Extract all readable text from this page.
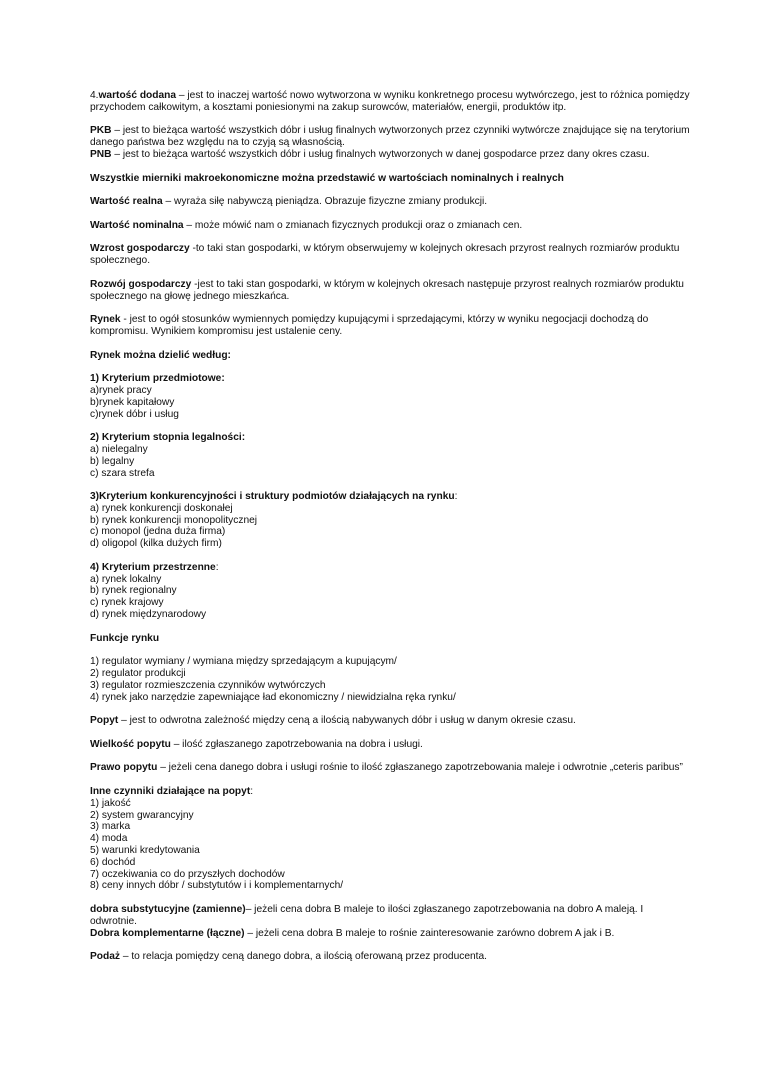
4.wartość dodana – jest to inaczej wartość nowo wytworzona w wyniku konkretnego procesu wytwórczego, jest to różnica pomiędzy przychodem całkowitym, a kosztami poniesionymi na zakup surowców, materiałów, energii, produktów itp.

PKB – jest to bieżąca wartość wszystkich dóbr i usług finalnych wytworzonych przez czynniki wytwórcze znajdujące się na terytorium danego państwa bez względu na to czyją są własnością.

PNB – jest to bieżąca wartość wszystkich dóbr i usług finalnych wytworzonych w danej gospodarce przez dany okres czasu.

Wszystkie mierniki makroekonomiczne można przedstawić w wartościach nominalnych i realnych

Wartość realna – wyraża siłę nabywczą pieniądza. Obrazuje fizyczne zmiany produkcji.

Wartość nominalna – może mówić nam o zmianach fizycznych produkcji oraz o zmianach cen.

Wzrost gospodarczy -to taki stan gospodarki, w którym obserwujemy w kolejnych okresach przyrost realnych rozmiarów produktu społecznego.

Rozwój gospodarczy -jest to taki stan gospodarki, w którym w kolejnych okresach następuje przyrost realnych rozmiarów produktu społecznego na głowę jednego mieszkańca.

Rynek - jest to ogół stosunków wymiennych pomiędzy kupującymi i sprzedającymi, którzy w wyniku negocjacji dochodzą do kompromisu. Wynikiem kompromisu jest ustalenie ceny.

Rynek można dzielić według:

1) Kryterium przedmiotowe:

a)rynek pracy

b)rynek kapitałowy

c)rynek dóbr i usług

2) Kryterium stopnia legalności:

a) nielegalny

b) legalny

c) szara strefa

3)Kryterium konkurencyjności i struktury podmiotów działających na rynku:

a) rynek konkurencji doskonałej

b) rynek konkurencji monopolitycznej

c) monopol (jedna duża firma)

d) oligopol (kilka dużych firm)

4) Kryterium przestrzenne:

a) rynek lokalny

b) rynek regionalny

c) rynek krajowy

d) rynek międzynarodowy

Funkcje rynku

1) regulator wymiany / wymiana między sprzedającym a kupującym/

2) regulator produkcji

3) regulator rozmieszczenia czynników wytwórczych

4) rynek jako narzędzie zapewniające ład ekonomiczny / niewidzialna ręka rynku/

Popyt – jest to odwrotna zależność między ceną a ilością nabywanych dóbr i usług w danym okresie czasu.

Wielkość popytu – ilość zgłaszanego zapotrzebowania na dobra i usługi.

Prawo popytu – jeżeli cena danego dobra i usługi rośnie to ilość zgłaszanego zapotrzebowania maleje i odwrotnie „ceteris paribus”

Inne czynniki działające na popyt:

1) jakość

2) system gwarancyjny

3) marka

4) moda

5) warunki kredytowania

6) dochód

7) oczekiwania co do przyszłych dochodów

8) ceny innych dóbr / substytutów i i komplementarnych/

dobra substytucyjne (zamienne)– jeżeli cena dobra B maleje to ilości zgłaszanego zapotrzebowania na dobro A maleją. I odwrotnie.

Dobra komplementarne (łączne) – jeżeli cena dobra B maleje to rośnie zainteresowanie zarówno dobrem A jak i B.

Podaż – to relacja pomiędzy ceną danego dobra, a ilością oferowaną przez producenta.
